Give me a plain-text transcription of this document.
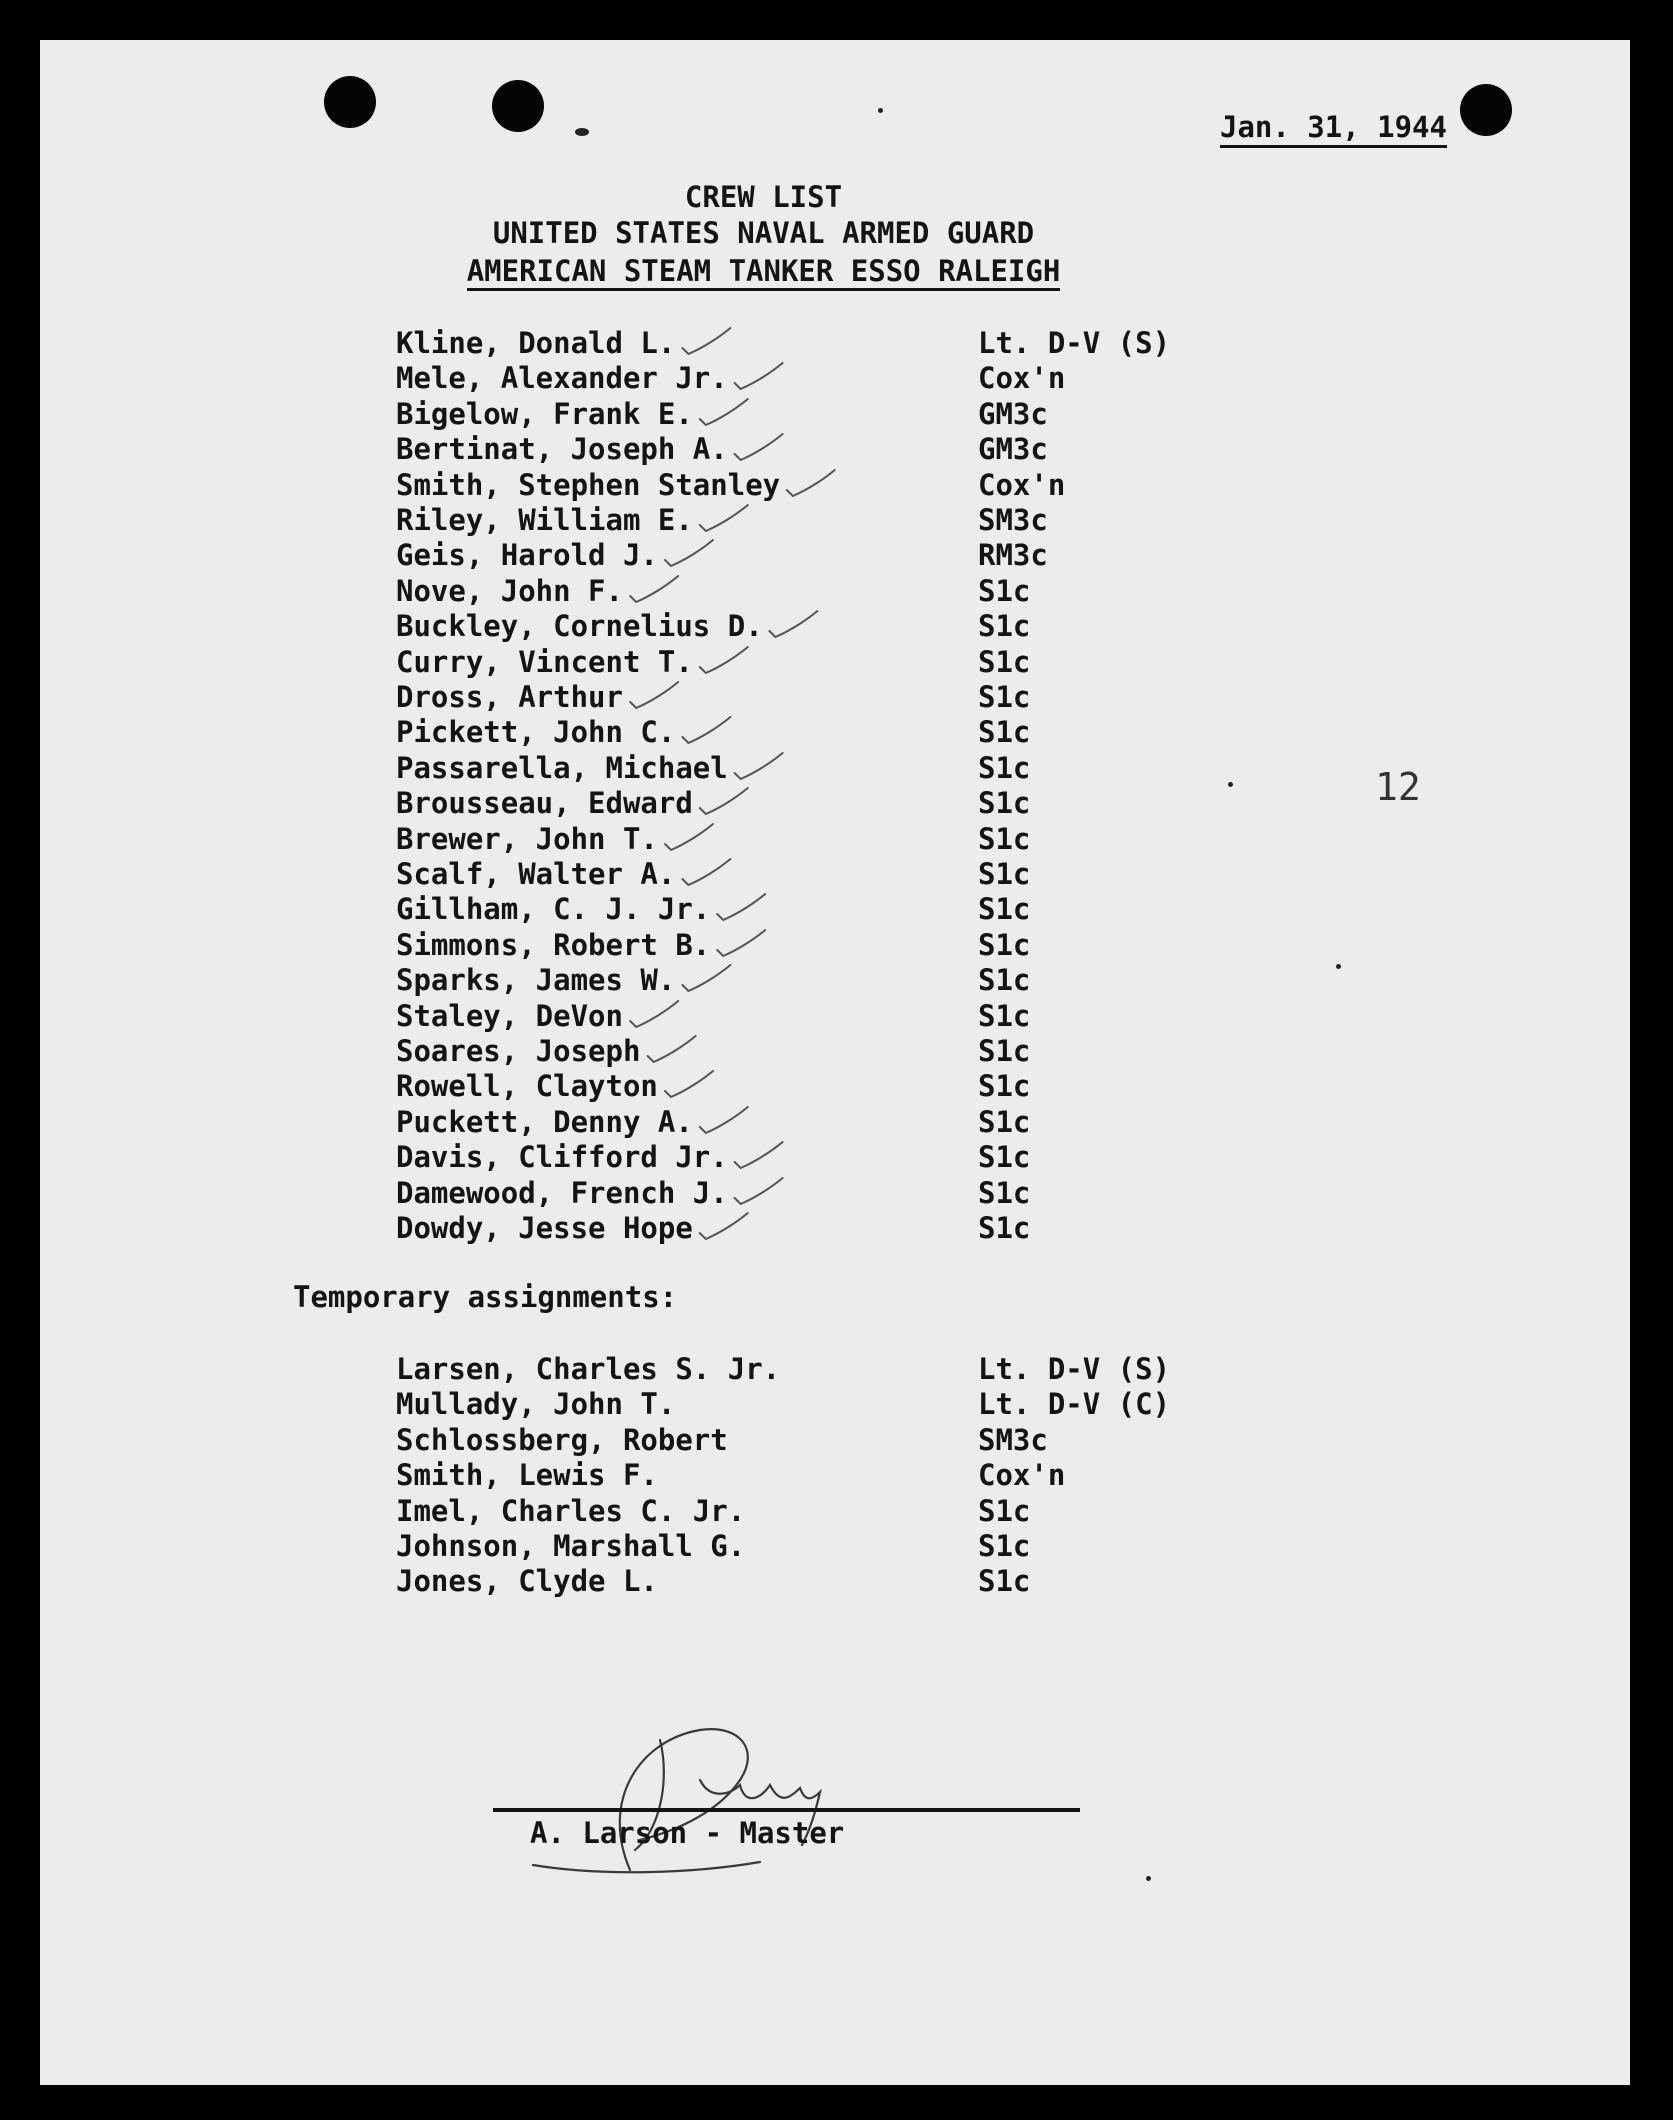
Jan. 31, 1944
CREW LIST
UNITED STATES NAVAL ARMED GUARD
AMERICAN STEAM TANKER ESSO RALEIGH
Kline, Donald L.	Lt. D-V (S)
Mele, Alexander Jr.	Cox'n
Bigelow, Frank E.	GM3c
Bertinat, Joseph A.	GM3c
Smith, Stephen Stanley	Cox'n
Riley, William E.	SM3c
Geis, Harold J.	RM3c
Nove, John F.	S1c
Buckley, Cornelius D.	S1c
Curry, Vincent T.	S1c
Dross, Arthur	S1c
Pickett, John C.	S1c
Passarella, Michael	S1c
Brousseau, Edward	S1c
Brewer, John T.	S1c
Scalf, Walter A.	S1c
Gillham, C. J. Jr.	S1c
Simmons, Robert B.	S1c
Sparks, James W.	S1c
Staley, DeVon	S1c
Soares, Joseph	S1c
Rowell, Clayton	S1c
Puckett, Denny A.	S1c
Davis, Clifford Jr.	S1c
Damewood, French J.	S1c
Dowdy, Jesse Hope	S1c
Temporary assignments:
Larsen, Charles S. Jr.	Lt. D-V (S)
Mullady, John T.	Lt. D-V (C)
Schlossberg, Robert	SM3c
Smith, Lewis F.	Cox'n
Imel, Charles C. Jr.	S1c
Johnson, Marshall G.	S1c
Jones, Clyde L.	S1c
12
A. Larson - Master
